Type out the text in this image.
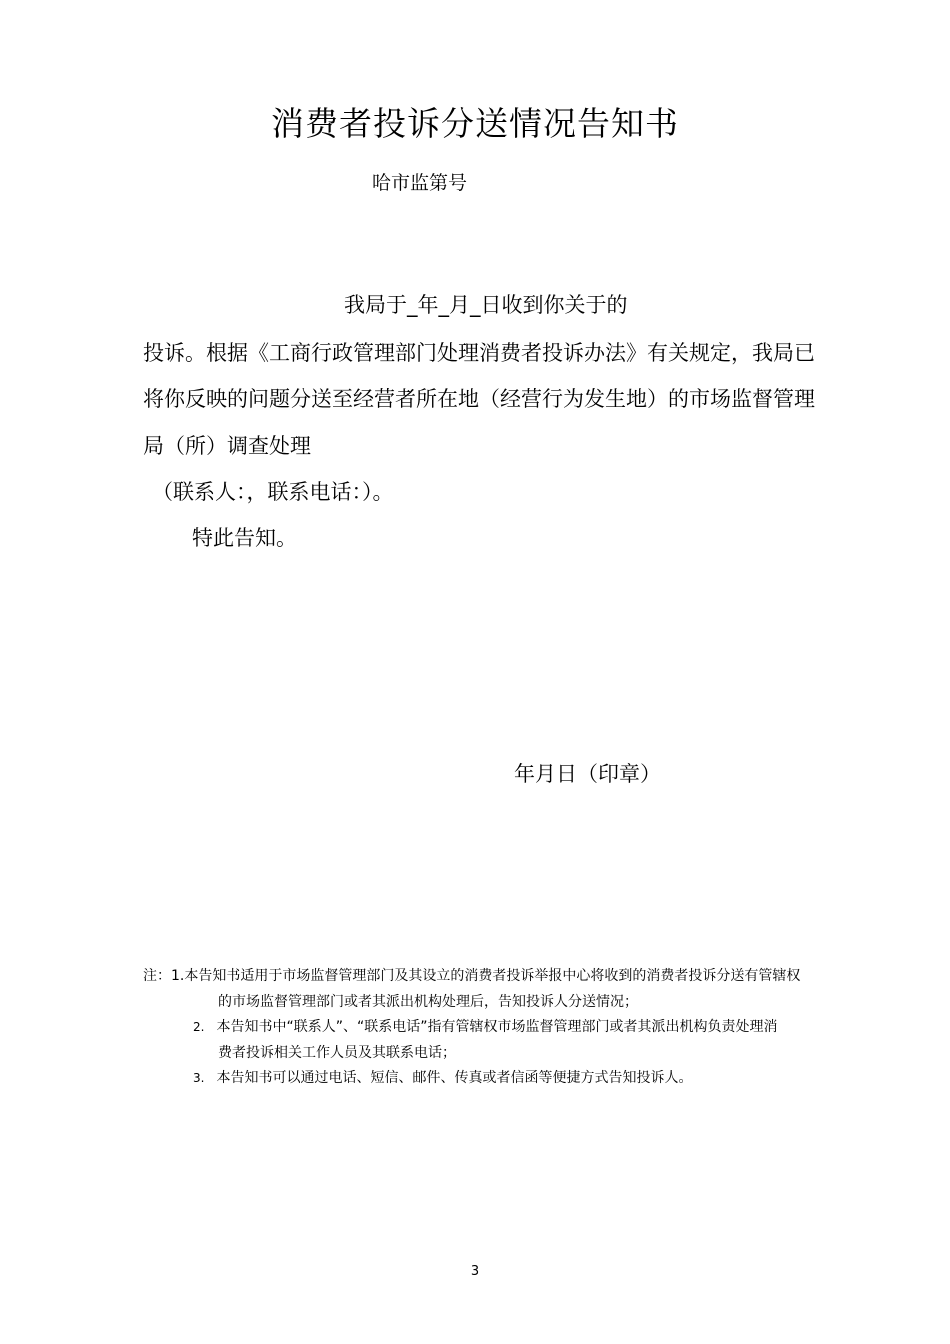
消费者投诉分送情况告知书
哈市监第号
我局于_年_月_日收到你关于的
投诉。根据《工商行政管理部门处理消费者投诉办法》有关规定，我局已
将你反映的问题分送至经营者所在地（经营行为发生地）的市场监督管理
局（所）调查处理
（联系人：，联系电话：）。
特此告知。
年月日（印章）
注：1.本告知书适用于市场监督管理部门及其设立的消费者投诉举报中心将收到的消费者投诉分送有管辖权
的市场监督管理部门或者其派出机构处理后，告知投诉人分送情况；
2. 本告知书中“联系人”、“联系电话”指有管辖权市场监督管理部门或者其派出机构负责处理消
费者投诉相关工作人员及其联系电话；
3. 本告知书可以通过电话、短信、邮件、传真或者信函等便捷方式告知投诉人。
3
